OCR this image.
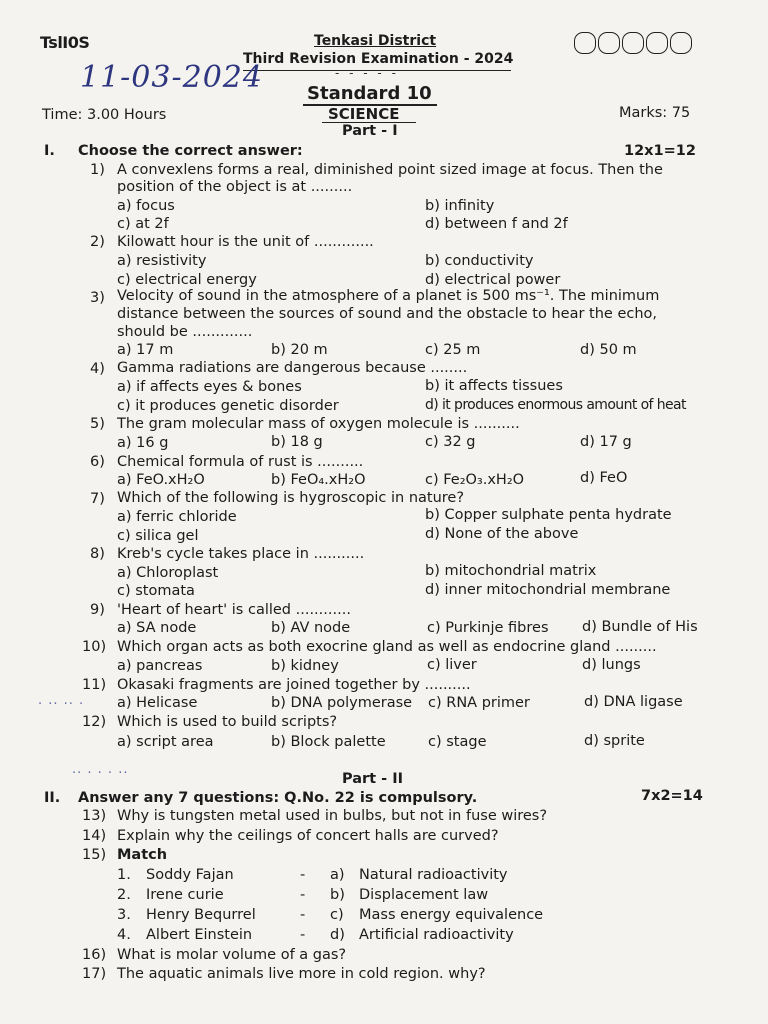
TslI0S	Tenkasi District
Third Revision Examination - 2024
11-03-2024	- - - - -
Standard 10
SCIENCE
Time: 3.00 Hours	Marks: 75
Part - I
I. Choose the correct answer:	12x1=12
1) A convexlens forms a real, diminished point sized image at focus. Then the
position of the object is at .........
a) focus	b) infinity
c) at 2f	d) between f and 2f
2) Kilowatt hour is the unit of .............
a) resistivity	b) conductivity
c) electrical energy	d) electrical power
3) Velocity of sound in the atmosphere of a planet is 500 ms⁻¹. The minimum
distance between the sources of sound and the obstacle to hear the echo,
should be .............
a) 17 m	b) 20 m	c) 25 m	d) 50 m
4) Gamma radiations are dangerous because ........
a) if affects eyes & bones	b) it affects tissues
c) it produces genetic disorder	d) it produces enormous amount of heat
5) The gram molecular mass of oxygen molecule is ..........
a) 16 g	b) 18 g	c) 32 g	d) 17 g
6) Chemical formula of rust is ..........
a) FeO.xH₂O	b) FeO₄.xH₂O	c) Fe₂O₃.xH₂O	d) FeO
7) Which of the following is hygroscopic in nature?
a) ferric chloride	b) Copper sulphate penta hydrate
c) silica gel	d) None of the above
8) Kreb's cycle takes place in ...........
a) Chloroplast	b) mitochondrial matrix
c) stomata	d) inner mitochondrial membrane
9) 'Heart of heart' is called ............
a) SA node	b) AV node	c) Purkinje fibres d) Bundle of His
10) Which organ acts as both exocrine gland as well as endocrine gland .........
a) pancreas	b) kidney	c) liver	d) lungs
11) Okasaki fragments are joined together by ..........
· ·· ·· · a) Helicase	b) DNA polymerase c) RNA primer	d) DNA ligase
12) Which is used to build scripts?
a) script area	b) Block palette	c) stage	d) sprite
·· · · · ··	Part - II
II. Answer any 7 questions: Q.No. 22 is compulsory.	7x2=14
13) Why is tungsten metal used in bulbs, but not in fuse wires?
14) Explain why the ceilings of concert halls are curved?
15) Match
1. Soddy Fajan	- a) Natural radioactivity
2. Irene curie	- b) Displacement law
3. Henry Bequrrel	- c) Mass energy equivalence
4. Albert Einstein	- d) Artificial radioactivity
16) What is molar volume of a gas?
17) The aquatic animals live more in cold region. why?
